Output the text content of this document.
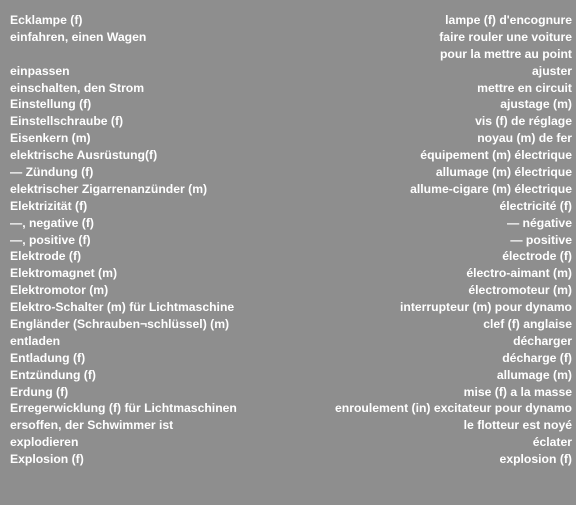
Ecklampe (f)	lampe (f) d'encognure
einfahren, einen Wagen	faire rouler une voiture
pour la mettre au point
einpassen	ajuster
einschalten, den Strom	mettre en circuit
Einstellung (f)	ajustage (m)
Einstellschraube (f)	vis (f) de réglage
Eisenkern (m)	noyau (m) de fer
elektrische Ausrüstung(f)	équipement (m) électrique
— Zündung (f)	allumage (m) électrique
elektrischer Zigarrenanzünder (m)	allume-cigare (m) électrique
Elektrizität (f)	électricité (f)
—, negative (f)	— négative
—, positive (f)	— positive
Elektrode (f)	électrode (f)
Elektromagnet (m)	électro-aimant (m)
Elektromotor (m)	électromoteur (m)
Elektro-Schalter (m) für Lichtmaschine	interrupteur (m) pour dynamo
Engländer (Schrauben¬schlüssel) (m)	clef (f) anglaise
entladen	décharger
Entladung (f)	décharge (f)
Entzündung (f)	allumage (m)
Erdung (f)	mise (f) a la masse
Erregerwicklung (f) für Lichtmaschinen	enroulement (in) excitateur pour dynamo
ersoffen, der Schwimmer ist	le flotteur est noyé
explodieren	éclater
Explosion (f)	explosion (f)
